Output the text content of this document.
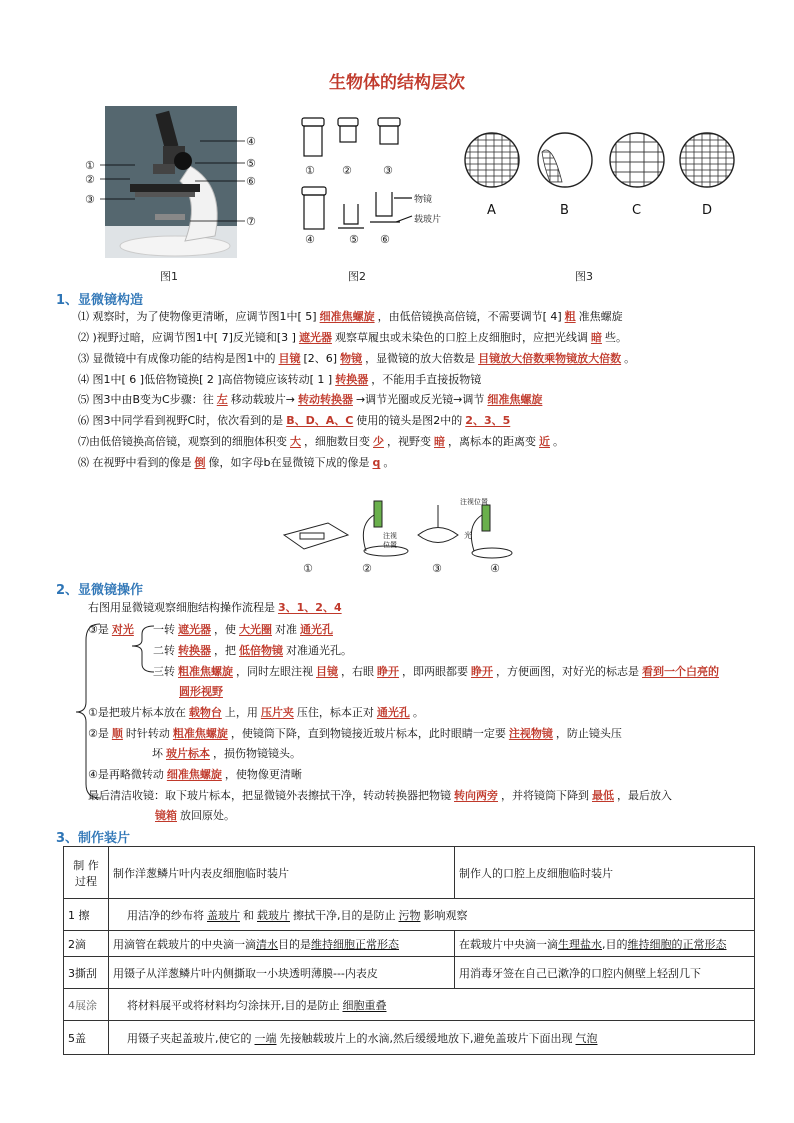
生物体的结构层次
①
②
③
④
⑤
⑥
⑦
图1
① ②	③
④	⑤ ⑥
物镜
载玻片
图2
A	B	C	D
图3
1、显微镜构造
⑴ 观察时，为了使物像更清晰，应调节图1中[ 5] 细准焦螺旋 ，由低倍镜换高倍镜，不需要调节[ 4] 粗 准焦螺旋
⑵ )视野过暗，应调节图1中[ 7]反光镜和[3 ] 遮光器 观察草履虫或未染色的口腔上皮细胞时，应把光线调 暗 些。
⑶ 显微镜中有成像功能的结构是图1中的 目镜 [2、6] 物镜 ，显微镜的放大倍数是 目镜放大倍数乘物镜放大倍数 。
⑷ 图1中[ 6 ]低倍物镜换[ 2 ]高倍物镜应该转动[ 1 ] 转换器 ，不能用手直接扳物镜
⑸ 图3中由B变为C步骤：往 左 移动载玻片→ 转动转换器 →调节光圈或反光镜→调节 细准焦螺旋
⑹ 图3中同学看到视野C时，依次看到的是 B、D、A、C 使用的镜头是图2中的 2、3、5
⑺由低倍镜换高倍镜，观察到的细胞体积变 大 ，细胞数目变 少 ，视野变 暗 ，离标本的距离变 近 。
⑻ 在视野中看到的像是 倒 像，如字母b在显微镜下成的像是 q 。
注视位置
注视位置
光
①	②	③	④
2、显微镜操作
右图用显微镜观察细胞结构操作流程是 3、1、2、4
③是 对光 一转 遮光器 ，使 大光圈 对准 通光孔
二转 转换器 ，把 低倍物镜 对准通光孔。
三转 粗准焦螺旋 ，同时左眼注视 目镜 ，右眼 睁开 ，即两眼都要 睁开 ，方便画图，对好光的标志是 看到一个白亮的
圆形视野
①是把玻片标本放在 载物台 上，用 压片夹 压住，标本正对 通光孔 。
②是 顺 时针转动 粗准焦螺旋 ，使镜筒下降，直到物镜接近玻片标本，此时眼睛一定要 注视物镜 ，防止镜头压
坏 玻片标本 ，损伤物镜镜头。
④是再略微转动 细准焦螺旋 ，使物像更清晰
最后清洁收镜：取下玻片标本，把显微镜外表擦拭干净，转动转换器把物镜 转向两旁 ，并将镜筒下降到 最低 ，最后放入
镜箱 放回原处。
3、制作装片
制 作
过程	制作洋葱鳞片叶内表皮细胞临时装片	制作人的口腔上皮细胞临时装片
1 擦	用洁净的纱布将 盖玻片 和 载玻片 擦拭干净,目的是防止 污物 影响观察	
2滴	用滴管在载玻片的中央滴一滴清水目的是维持细胞正常形态	在载玻片中央滴一滴生理盐水,目的维持细胞的正常形态
3撕刮	用镊子从洋葱鳞片叶内侧撕取一小块透明薄膜---内表皮	用消毒牙签在自己已漱净的口腔内侧壁上轻刮几下
4展涂	将材料展平或将材料均匀涂抹开,目的是防止 细胞重叠	
5盖	用镊子夹起盖玻片,使它的 一端 先接触载玻片上的水滴,然后缓缓地放下,避免盖玻片下面出现 气泡	
